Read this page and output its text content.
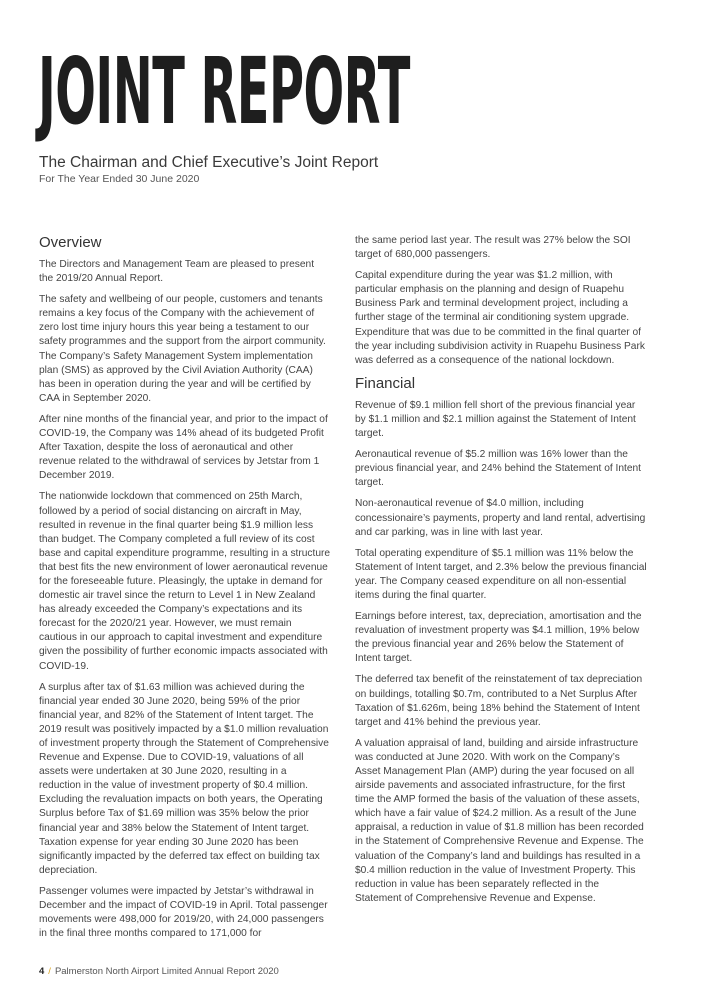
JOINT REPORT
The Chairman and Chief Executive’s Joint Report
For The Year Ended 30 June 2020
Overview

The Directors and Management Team are pleased to present the 2019/20 Annual Report.

The safety and wellbeing of our people, customers and tenants remains a key focus of the Company with the achievement of zero lost time injury hours this year being a testament to our safety programmes and the support from the airport community. The Company’s Safety Management System implementation plan (SMS) as approved by the Civil Aviation Authority (CAA) has been in operation during the year and will be certified by CAA in September 2020.

After nine months of the financial year, and prior to the impact of COVID-19, the Company was 14% ahead of its budgeted Profit After Taxation, despite the loss of aeronautical and other revenue related to the withdrawal of services by Jetstar from 1 December 2019.

The nationwide lockdown that commenced on 25th March, followed by a period of social distancing on aircraft in May, resulted in revenue in the final quarter being $1.9 million less than budget. The Company completed a full review of its cost base and capital expenditure programme, resulting in a structure that best fits the new environment of lower aeronautical revenue for the foreseeable future. Pleasingly, the uptake in demand for domestic air travel since the return to Level 1 in New Zealand has already exceeded the Company’s expectations and its forecast for the 2020/21 year. However, we must remain cautious in our approach to capital investment and expenditure given the possibility of further economic impacts associated with COVID-19.

A surplus after tax of $1.63 million was achieved during the financial year ended 30 June 2020, being 59% of the prior financial year, and 82% of the Statement of Intent target. The 2019 result was positively impacted by a $1.0 million revaluation of investment property through the Statement of Comprehensive Revenue and Expense. Due to COVID-19, valuations of all assets were undertaken at 30 June 2020, resulting in a reduction in the value of investment property of $0.4 million. Excluding the revaluation impacts on both years, the Operating Surplus before Tax of $1.69 million was 35% below the prior financial year and 38% below the Statement of Intent target. Taxation expense for year ending 30 June 2020 has been significantly impacted by the deferred tax effect on building tax depreciation.

Passenger volumes were impacted by Jetstar’s withdrawal in December and the impact of COVID-19 in April. Total passenger movements were 498,000 for 2019/20, with 24,000 passengers in the final three months compared to 171,000 for

the same period last year. The result was 27% below the SOI target of 680,000 passengers.

Capital expenditure during the year was $1.2 million, with particular emphasis on the planning and design of Ruapehu Business Park and terminal development project, including a further stage of the terminal air conditioning system upgrade. Expenditure that was due to be committed in the final quarter of the year including subdivision activity in Ruapehu Business Park was deferred as a consequence of the national lockdown.

Financial

Revenue of $9.1 million fell short of the previous financial year by $1.1 million and $2.1 million against the Statement of Intent target.

Aeronautical revenue of $5.2 million was 16% lower than the previous financial year, and 24% behind the Statement of Intent target.

Non-aeronautical revenue of $4.0 million, including concessionaire’s payments, property and land rental, advertising and car parking, was in line with last year.

Total operating expenditure of $5.1 million was 11% below the Statement of Intent target, and 2.3% below the previous financial year. The Company ceased expenditure on all non-essential items during the final quarter.

Earnings before interest, tax, depreciation, amortisation and the revaluation of investment property was $4.1 million, 19% below the previous financial year and 26% below the Statement of Intent target.

The deferred tax benefit of the reinstatement of tax depreciation on buildings, totalling $0.7m, contributed to a Net Surplus After Taxation of $1.626m, being 18% behind the Statement of Intent target and 41% behind the previous year.

A valuation appraisal of land, building and airside infrastructure was conducted at June 2020. With work on the Company’s Asset Management Plan (AMP) during the year focused on all airside pavements and associated infrastructure, for the first time the AMP formed the basis of the valuation of these assets, which have a fair value of $24.2 million. As a result of the June appraisal, a reduction in value of $1.8 million has been recorded in the Statement of Comprehensive Revenue and Expense. The valuation of the Company’s land and buildings has resulted in a $0.4 million reduction in the value of Investment Property. This reduction in value has been separately reflected in the Statement of Comprehensive Revenue and Expense.

4 / Palmerston North Airport Limited Annual Report 2020
